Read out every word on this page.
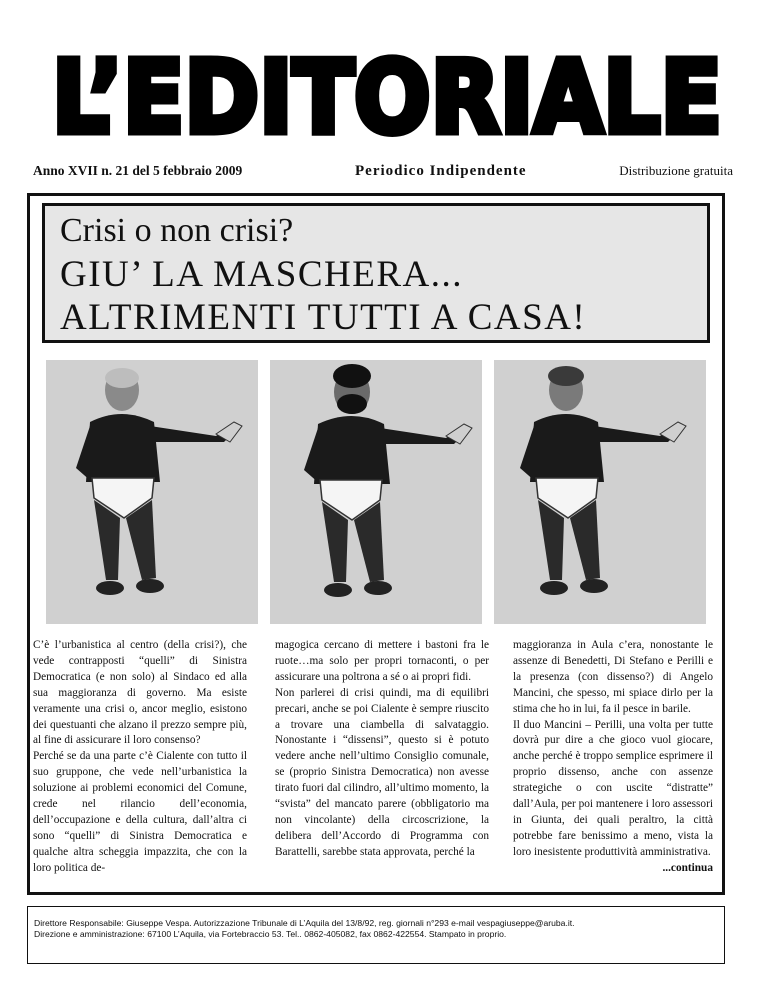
L’EDITORIALE
Anno XVII n. 21 del 5 febbraio 2009	Periodico Indipendente	Distribuzione gratuita
Crisi o non crisi?
GIU’ LA MASCHERA...
ALTRIMENTI TUTTI A CASA!

C’è l’urbanistica al centro (della crisi?), che vede contrapposti “quelli” di Sinistra Democratica (e non solo) al Sindaco ed alla sua maggioranza di governo. Ma esiste veramente una crisi o, ancor meglio, esistono dei questuanti che alzano il prezzo sempre più, al fine di assicurare il loro consenso?

Perché se da una parte c’è Cialente con tutto il suo gruppone, che vede nell’urbanistica la soluzione ai problemi economici del Comune, crede nel rilancio dell’economia, dell’occupazione e della cultura, dall’altra ci sono “quelli” di Sinistra Democratica e qualche altra scheggia impazzita, che con la loro politica de-

magogica cercano di mettere i bastoni fra le ruote…ma solo per propri tornaconti, o per assicurare una poltrona a sé o ai propri fidi.

Non parlerei di crisi quindi, ma di equilibri precari, anche se poi Cialente è sempre riuscito a trovare una ciambella di salvataggio. Nonostante i “dissensi”, questo si è potuto vedere anche nell’ultimo Consiglio comunale, se (proprio Sinistra Democratica) non avesse tirato fuori dal cilindro, all’ultimo momento, la “svista” del mancato parere (obbligatorio ma non vincolante) della circoscrizione, la delibera dell’Accordo di Programma con Barattelli, sarebbe stata approvata, perché la

maggioranza in Aula c’era, nonostante le assenze di Benedetti, Di Stefano e Perilli e la presenza (con dissenso?) di Angelo Mancini, che spesso, mi spiace dirlo per la stima che ho in lui, fa il pesce in barile.

Il duo Mancini – Perilli, una volta per tutte dovrà pur dire a che gioco vuol giocare, anche perché è troppo semplice esprimere il proprio dissenso, anche con assenze strategiche o con uscite “distratte” dall’Aula, per poi mantenere i loro assessori in Giunta, dei quali peraltro, la città potrebbe fare benissimo a meno, vista la loro inesistente produttività amministrativa.

...continua

Direttore Responsabile: Giuseppe Vespa. Autorizzazione Tribunale di L’Aquila del 13/8/92, reg. giornali n°293 e-mail vespagiuseppe@aruba.it.
Direzione e amministrazione: 67100 L’Aquila, via Fortebraccio 53. Tel.. 0862-405082, fax 0862-422554. Stampato in proprio.
